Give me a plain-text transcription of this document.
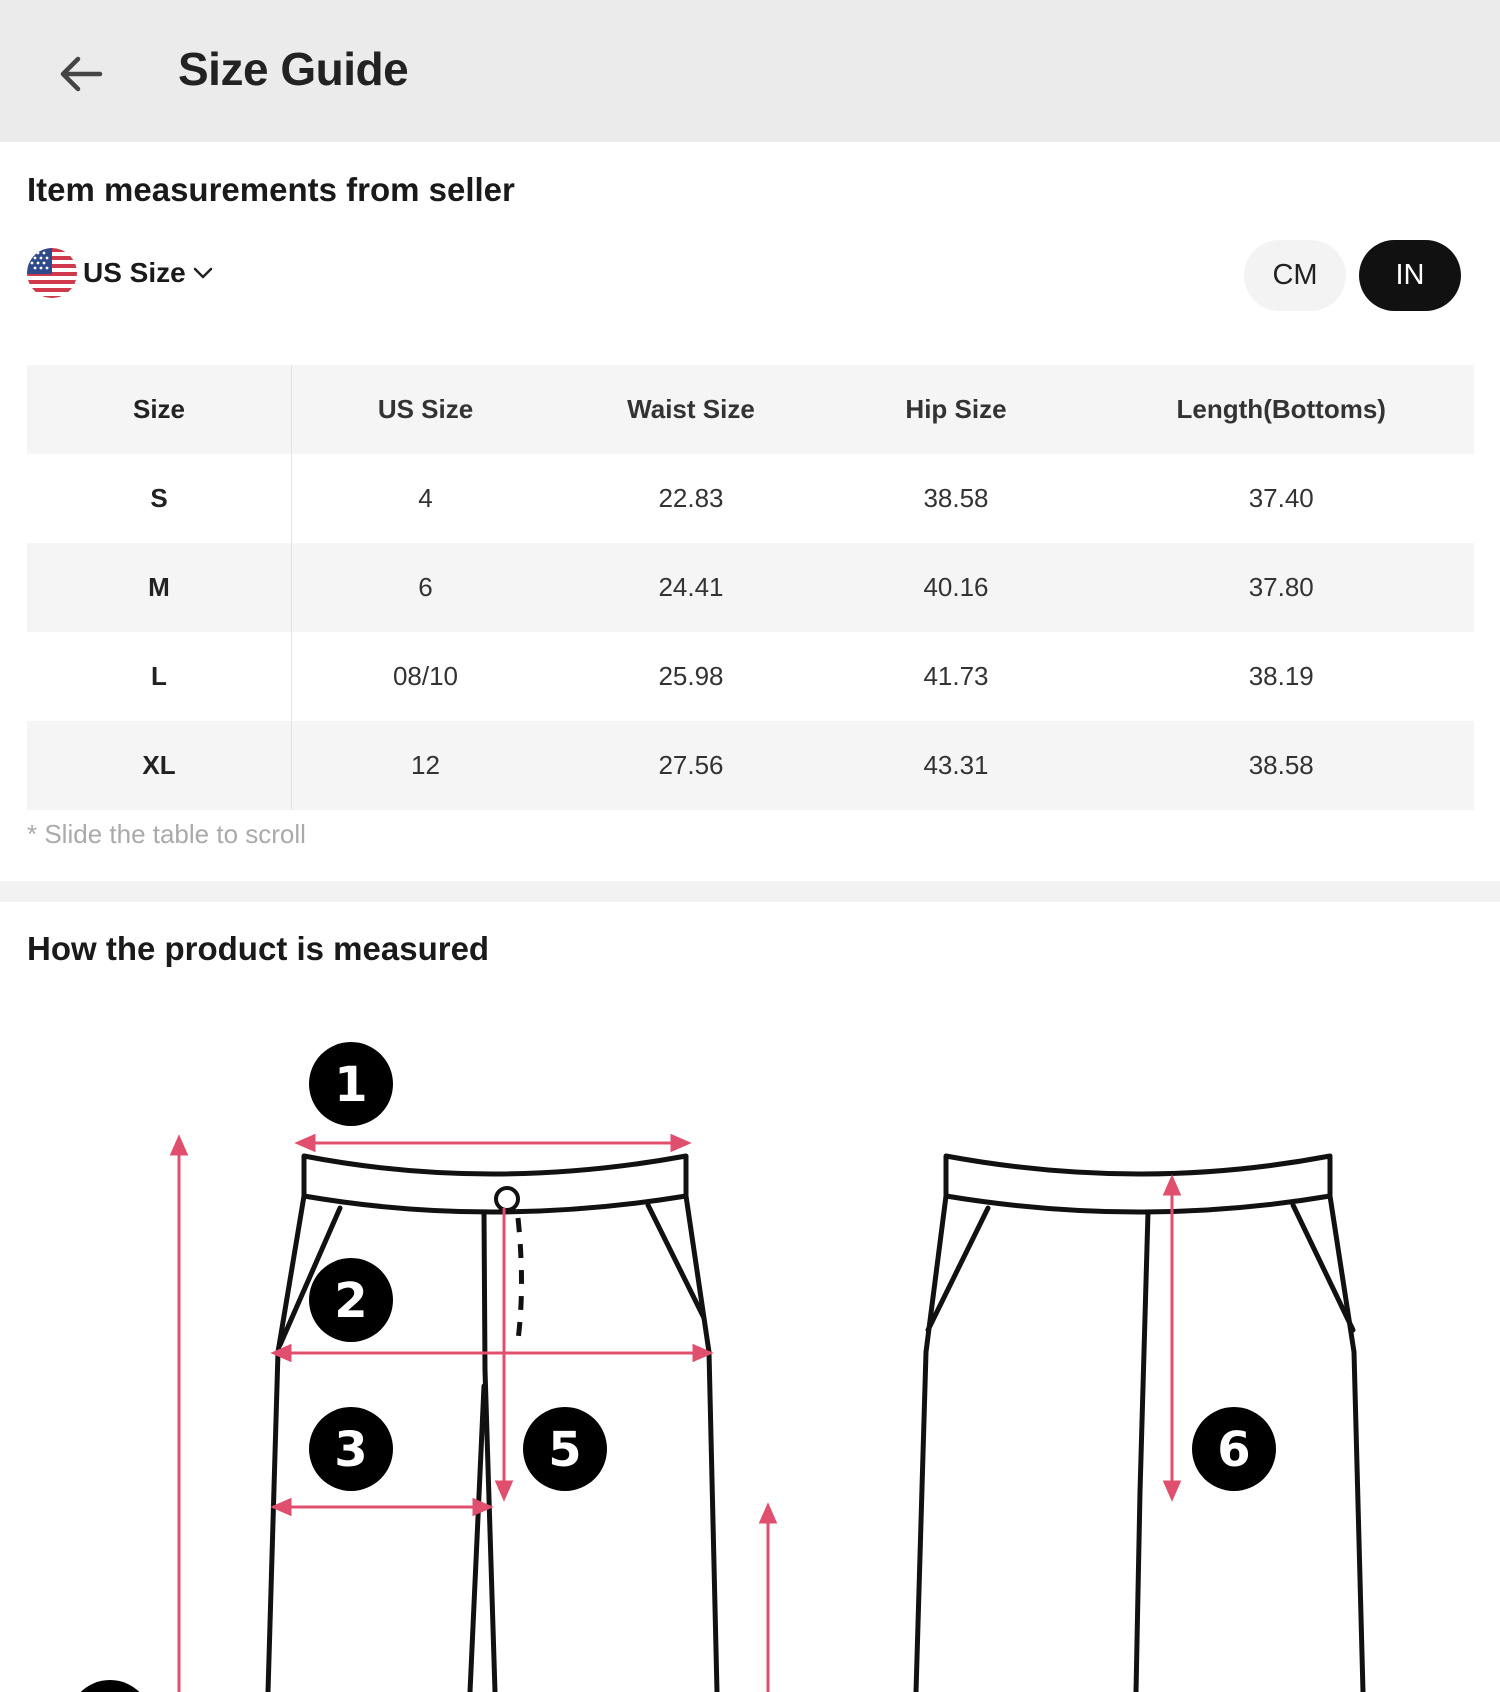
Size Guide
Item measurements from seller
US Size	CM	IN
Size	US Size	Waist Size	Hip Size	Length(Bottoms)
S	4	22.83	38.58	37.40
M	6	24.41	40.16	37.80
L	08/10	25.98	41.73	38.19
XL	12	27.56	43.31	38.58
* Slide the table to scroll
How the product is measured
1
2
3	5	6
